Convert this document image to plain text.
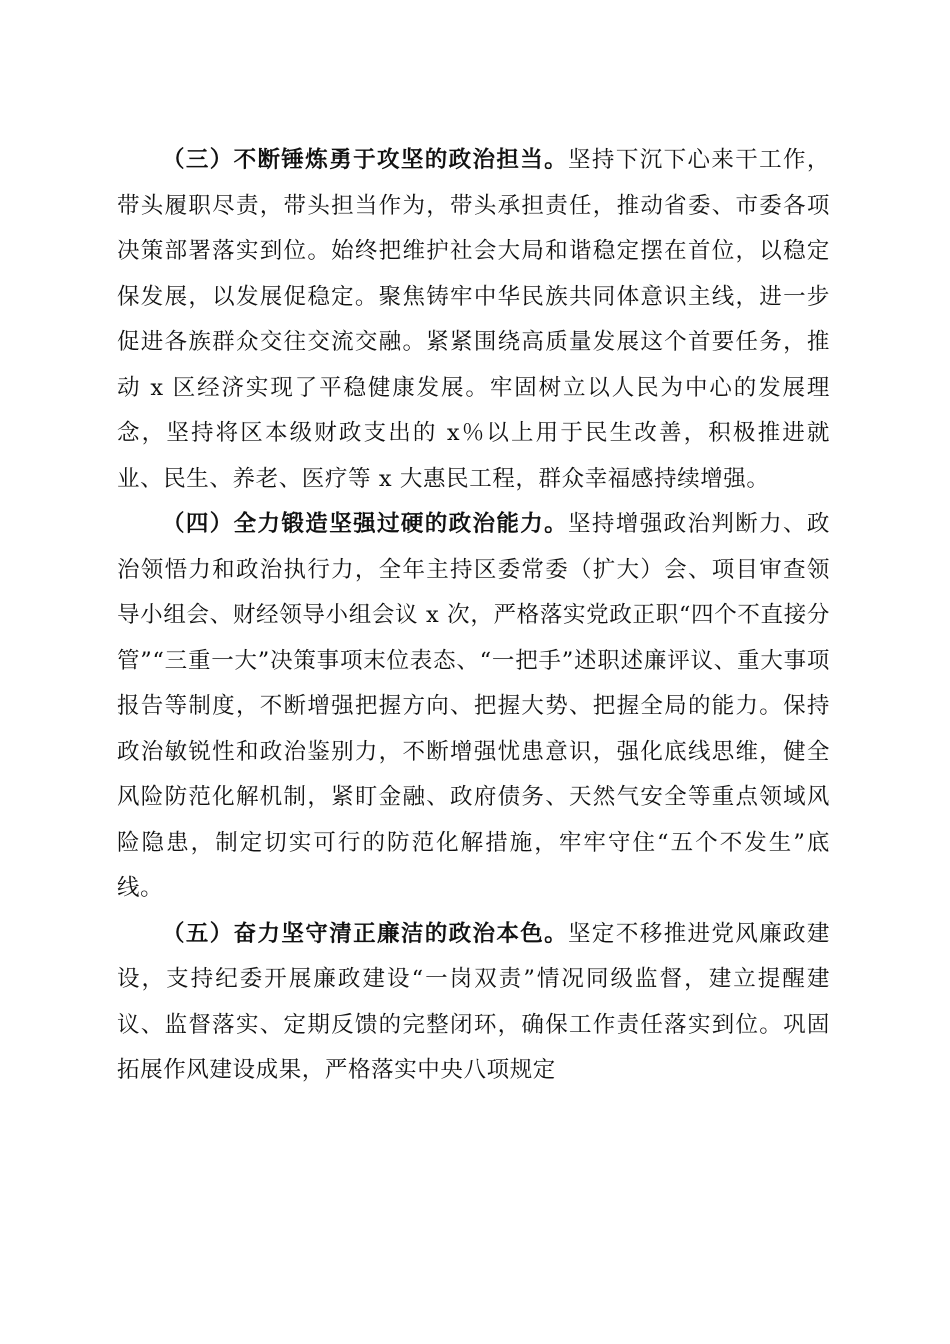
（三）不断锤炼勇于攻坚的政治担当。坚持下沉下心来干工作，带头履职尽责，带头担当作为，带头承担责任，推动省委、市委各项决策部署落实到位。始终把维护社会大局和谐稳定摆在首位，以稳定保发展，以发展促稳定。聚焦铸牢中华民族共同体意识主线，进一步促进各族群众交往交流交融。紧紧围绕高质量发展这个首要任务，推动 x 区经济实现了平稳健康发展。牢固树立以人民为中心的发展理念，坚持将区本级财政支出的 x％以上用于民生改善，积极推进就业、民生、养老、医疗等 x 大惠民工程，群众幸福感持续增强。

（四）全力锻造坚强过硬的政治能力。坚持增强政治判断力、政治领悟力和政治执行力，全年主持区委常委（扩大）会、项目审查领导小组会、财经领导小组会议 x 次，严格落实党政正职“四个不直接分管”“三重一大”决策事项末位表态、“一把手”述职述廉评议、重大事项报告等制度，不断增强把握方向、把握大势、把握全局的能力。保持政治敏锐性和政治鉴别力，不断增强忧患意识，强化底线思维，健全风险防范化解机制，紧盯金融、政府债务、天然气安全等重点领域风险隐患，制定切实可行的防范化解措施，牢牢守住“五个不发生”底线。

（五）奋力坚守清正廉洁的政治本色。坚定不移推进党风廉政建设，支持纪委开展廉政建设“一岗双责”情况同级监督，建立提醒建议、监督落实、定期反馈的完整闭环，确保工作责任落实到位。巩固拓展作风建设成果，严格落实中央八项规定
